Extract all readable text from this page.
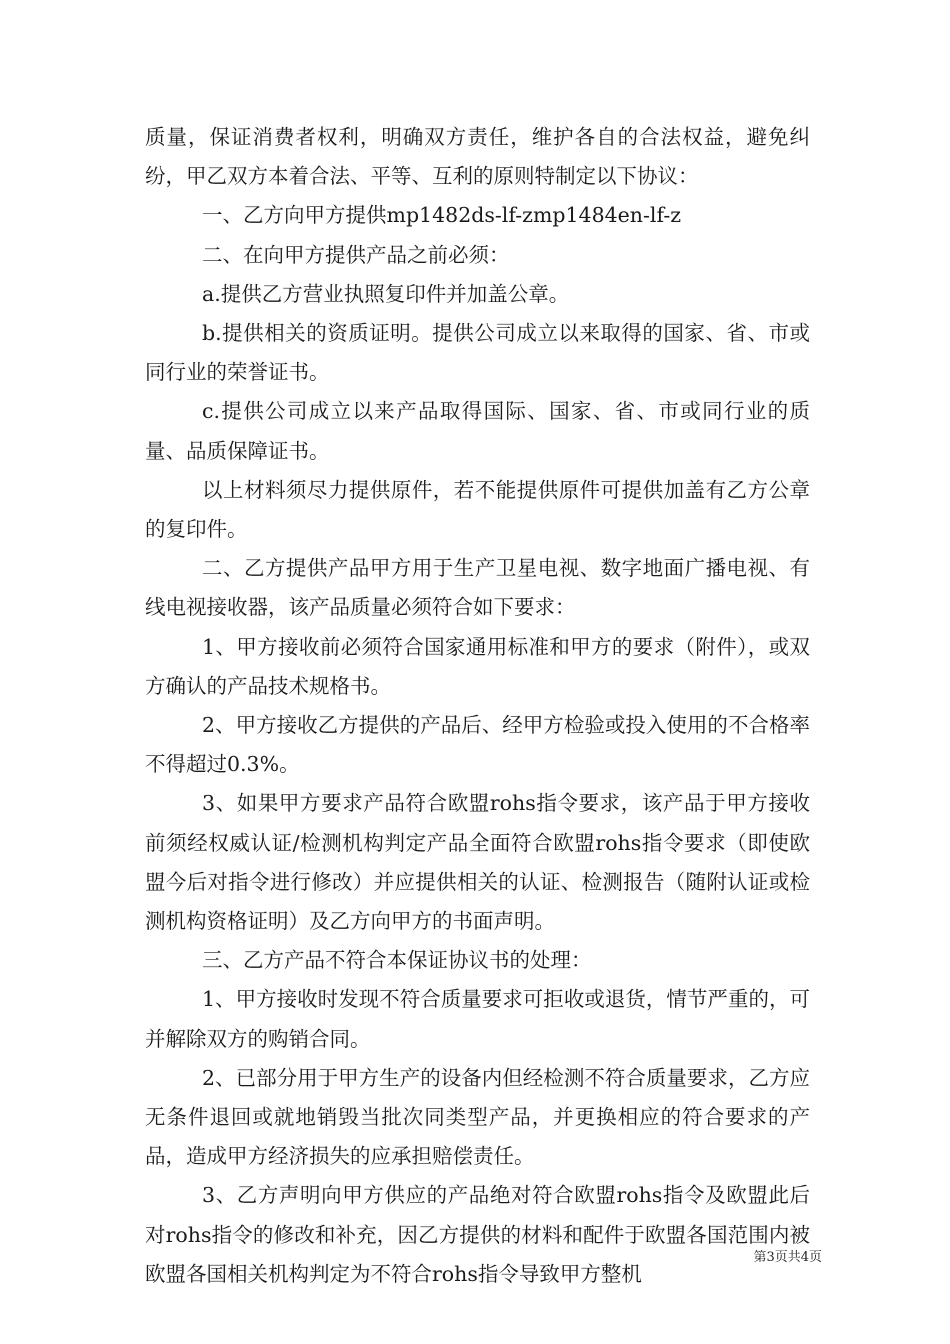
质量，保证消费者权利，明确双方责任，维护各自的合法权益，避免纠纷，甲乙双方本着合法、平等、互利的原则特制定以下协议：

一、乙方向甲方提供mp1482ds-lf-zmp1484en-lf-z

二、在向甲方提供产品之前必须：

a.提供乙方营业执照复印件并加盖公章。

b.提供相关的资质证明。提供公司成立以来取得的国家、省、市或同行业的荣誉证书。

c.提供公司成立以来产品取得国际、国家、省、市或同行业的质量、品质保障证书。

以上材料须尽力提供原件，若不能提供原件可提供加盖有乙方公章的复印件。

二、乙方提供产品甲方用于生产卫星电视、数字地面广播电视、有线电视接收器，该产品质量必须符合如下要求：

1、甲方接收前必须符合国家通用标准和甲方的要求（附件），或双方确认的产品技术规格书。

2、甲方接收乙方提供的产品后、经甲方检验或投入使用的不合格率不得超过0.3%。

3、如果甲方要求产品符合欧盟rohs指令要求，该产品于甲方接收前须经权威认证/检测机构判定产品全面符合欧盟rohs指令要求（即使欧盟今后对指令进行修改）并应提供相关的认证、检测报告（随附认证或检测机构资格证明）及乙方向甲方的书面声明。

三、乙方产品不符合本保证协议书的处理：

1、甲方接收时发现不符合质量要求可拒收或退货，情节严重的，可并解除双方的购销合同。

2、已部分用于甲方生产的设备内但经检测不符合质量要求，乙方应无条件退回或就地销毁当批次同类型产品，并更换相应的符合要求的产品，造成甲方经济损失的应承担赔偿责任。

3、乙方声明向甲方供应的产品绝对符合欧盟rohs指令及欧盟此后对rohs指令的修改和补充，因乙方提供的材料和配件于欧盟各国范围内被欧盟各国相关机构判定为不符合rohs指令导致甲方整机

第3页共4页
